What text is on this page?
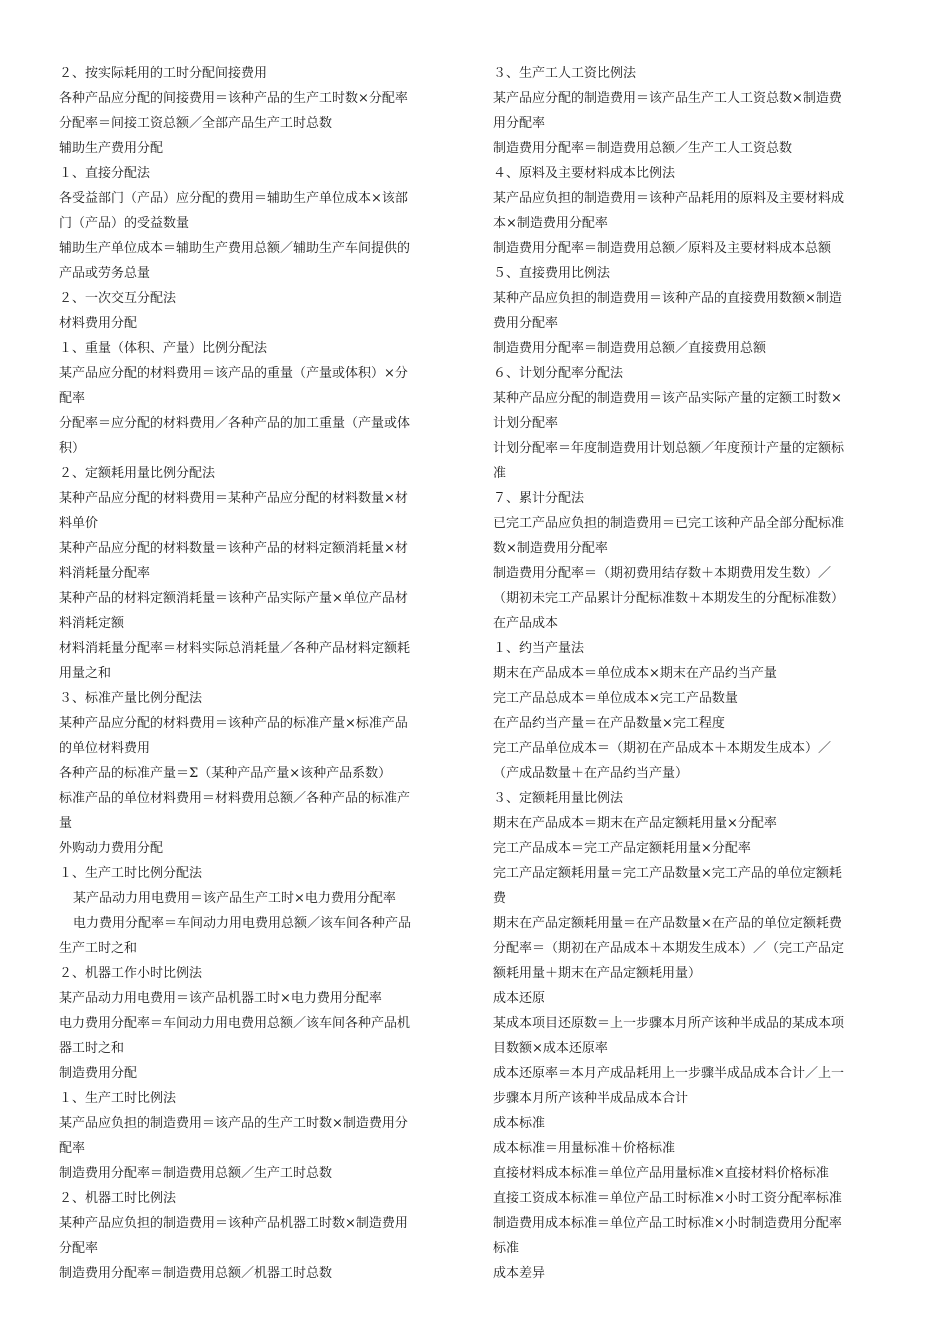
２、按实际耗用的工时分配间接费用
各种产品应分配的间接费用＝该种产品的生产工时数×分配率
分配率＝间接工资总额／全部产品生产工时总数
辅助生产费用分配
１、直接分配法
各受益部门（产品）应分配的费用＝辅助生产单位成本×该部
门（产品）的受益数量
辅助生产单位成本＝辅助生产费用总额／辅助生产车间提供的
产品或劳务总量
２、一次交互分配法
材料费用分配
１、重量（体积、产量）比例分配法
某产品应分配的材料费用＝该产品的重量（产量或体积）×分
配率
分配率＝应分配的材料费用／各种产品的加工重量（产量或体
积）
２、定额耗用量比例分配法
某种产品应分配的材料费用＝某种产品应分配的材料数量×材
料单价
某种产品应分配的材料数量＝该种产品的材料定额消耗量×材
料消耗量分配率
某种产品的材料定额消耗量＝该种产品实际产量×单位产品材
料消耗定额
材料消耗量分配率＝材料实际总消耗量／各种产品材料定额耗
用量之和
３、标准产量比例分配法
某种产品应分配的材料费用＝该种产品的标准产量×标准产品
的单位材料费用
各种产品的标准产量＝Σ（某种产品产量×该种产品系数）
标准产品的单位材料费用＝材料费用总额／各种产品的标准产
量
外购动力费用分配
１、生产工时比例分配法
某产品动力用电费用＝该产品生产工时×电力费用分配率
电力费用分配率＝车间动力用电费用总额／该车间各种产品
生产工时之和
２、机器工作小时比例法
某产品动力用电费用＝该产品机器工时×电力费用分配率
电力费用分配率＝车间动力用电费用总额／该车间各种产品机
器工时之和
制造费用分配
１、生产工时比例法
某产品应负担的制造费用＝该产品的生产工时数×制造费用分
配率
制造费用分配率＝制造费用总额／生产工时总数
２、机器工时比例法
某种产品应负担的制造费用＝该种产品机器工时数×制造费用
分配率
制造费用分配率＝制造费用总额／机器工时总数
３、生产工人工资比例法
某产品应分配的制造费用＝该产品生产工人工资总数×制造费
用分配率
制造费用分配率＝制造费用总额／生产工人工资总数
４、原料及主要材料成本比例法
某产品应负担的制造费用＝该种产品耗用的原料及主要材料成
本×制造费用分配率
制造费用分配率＝制造费用总额／原料及主要材料成本总额
５、直接费用比例法
某种产品应负担的制造费用＝该种产品的直接费用数额×制造
费用分配率
制造费用分配率＝制造费用总额／直接费用总额
６、计划分配率分配法
某种产品应分配的制造费用＝该产品实际产量的定额工时数×
计划分配率
计划分配率＝年度制造费用计划总额／年度预计产量的定额标
准
７、累计分配法
已完工产品应负担的制造费用＝已完工该种产品全部分配标准
数×制造费用分配率
制造费用分配率＝（期初费用结存数＋本期费用发生数）／
（期初未完工产品累计分配标准数＋本期发生的分配标准数）
在产品成本
１、约当产量法
期末在产品成本＝单位成本×期末在产品约当产量
完工产品总成本＝单位成本×完工产品数量
在产品约当产量＝在产品数量×完工程度
完工产品单位成本＝（期初在产品成本＋本期发生成本）／
（产成品数量＋在产品约当产量）
３、定额耗用量比例法
期末在产品成本＝期末在产品定额耗用量×分配率
完工产品成本＝完工产品定额耗用量×分配率
完工产品定额耗用量＝完工产品数量×完工产品的单位定额耗
费
期末在产品定额耗用量＝在产品数量×在产品的单位定额耗费
分配率＝（期初在产品成本＋本期发生成本）／（完工产品定
额耗用量＋期末在产品定额耗用量）
成本还原
某成本项目还原数＝上一步骤本月所产该种半成品的某成本项
目数额×成本还原率
成本还原率＝本月产成品耗用上一步骤半成品成本合计／上一
步骤本月所产该种半成品成本合计
成本标准
成本标准＝用量标准＋价格标准
直接材料成本标准＝单位产品用量标准×直接材料价格标准
直接工资成本标准＝单位产品工时标准×小时工资分配率标准
制造费用成本标准＝单位产品工时标准×小时制造费用分配率
标准
成本差异
